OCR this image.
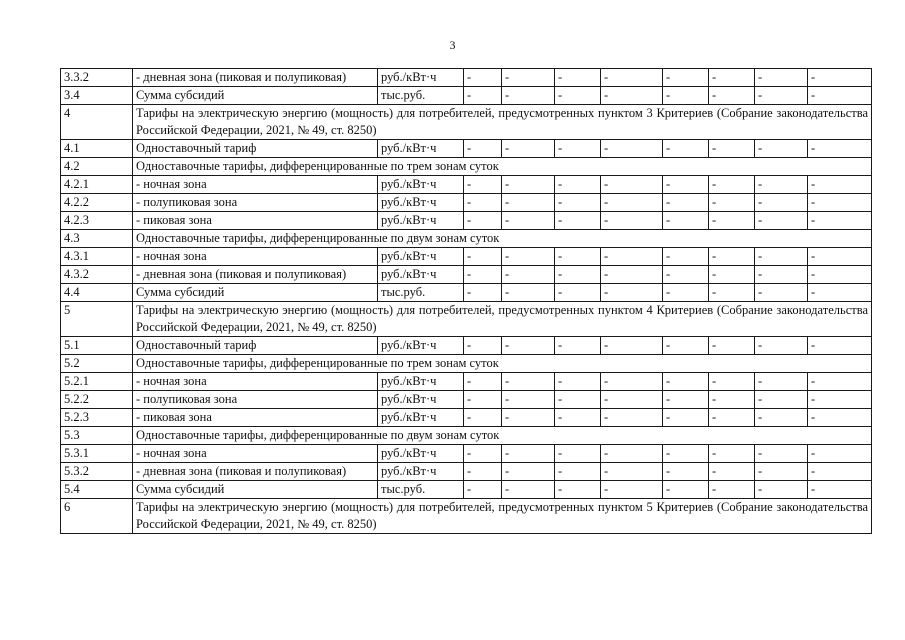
3
3.3.2	- дневная зона (пиковая и полупиковая)	руб./кВт·ч	-	-	-	-	-	-	-	-
3.4	Сумма субсидий	тыс.руб.	-	-	-	-	-	-	-	-
4	Тарифы на электрическую энергию (мощность) для потребителей, предусмотренных пунктом 3 Критериев (Собрание законодательства Российской Федерации, 2021, № 49, ст. 8250)									
4.1	Одноставочный тариф	руб./кВт·ч	-	-	-	-	-	-	-	-
4.2	Одноставочные тарифы, дифференцированные по трем зонам суток									
4.2.1	- ночная зона	руб./кВт·ч	-	-	-	-	-	-	-	-
4.2.2	- полупиковая зона	руб./кВт·ч	-	-	-	-	-	-	-	-
4.2.3	- пиковая зона	руб./кВт·ч	-	-	-	-	-	-	-	-
4.3	Одноставочные тарифы, дифференцированные по двум зонам суток									
4.3.1	- ночная зона	руб./кВт·ч	-	-	-	-	-	-	-	-
4.3.2	- дневная зона (пиковая и полупиковая)	руб./кВт·ч	-	-	-	-	-	-	-	-
4.4	Сумма субсидий	тыс.руб.	-	-	-	-	-	-	-	-
5	Тарифы на электрическую энергию (мощность) для потребителей, предусмотренных пунктом 4 Критериев (Собрание законодательства Российской Федерации, 2021, № 49, ст. 8250)									
5.1	Одноставочный тариф	руб./кВт·ч	-	-	-	-	-	-	-	-
5.2	Одноставочные тарифы, дифференцированные по трем зонам суток									
5.2.1	- ночная зона	руб./кВт·ч	-	-	-	-	-	-	-	-
5.2.2	- полупиковая зона	руб./кВт·ч	-	-	-	-	-	-	-	-
5.2.3	- пиковая зона	руб./кВт·ч	-	-	-	-	-	-	-	-
5.3	Одноставочные тарифы, дифференцированные по двум зонам суток									
5.3.1	- ночная зона	руб./кВт·ч	-	-	-	-	-	-	-	-
5.3.2	- дневная зона (пиковая и полупиковая)	руб./кВт·ч	-	-	-	-	-	-	-	-
5.4	Сумма субсидий	тыс.руб.	-	-	-	-	-	-	-	-
6	Тарифы на электрическую энергию (мощность) для потребителей, предусмотренных пунктом 5 Критериев (Собрание законодательства Российской Федерации, 2021, № 49, ст. 8250)									
